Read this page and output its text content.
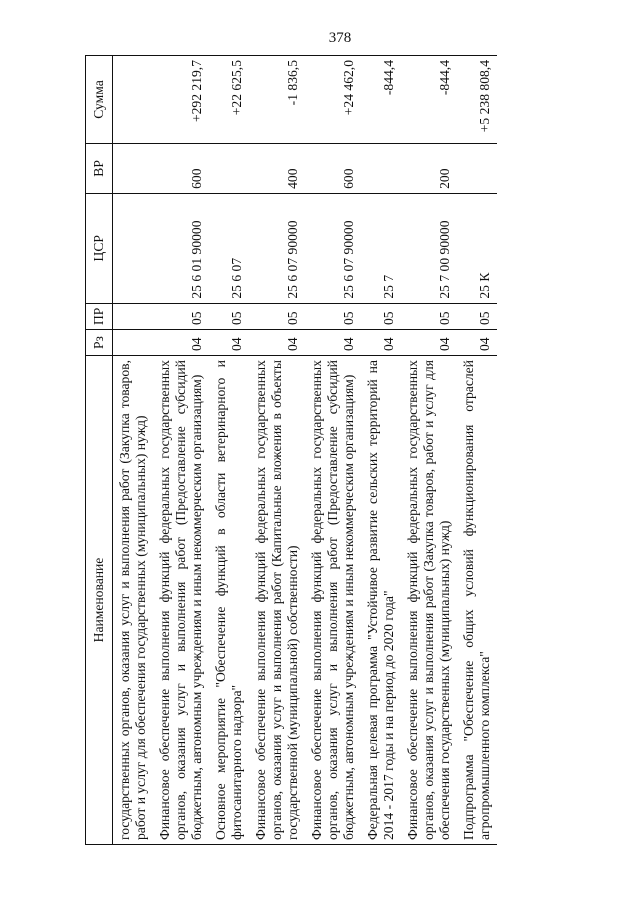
378
Наименование	Рз	ПР	ЦСР	ВР	Сумма
государственных органов, оказания услуг и выполнения работ (Закупка товаров, работ и услуг для обеспечения государственных (муниципальных) нужд)					
Финансовое обеспечение выполнения функций федеральных государственных органов, оказания услуг и выполнения работ (Предоставление субсидий бюджетным, автономным учреждениям и иным некоммерческим организациям)	04	05	25 6 01 90000	600	+292 219,7
Основное мероприятие "Обеспечение функций в области ветеринарного и фитосанитарного надзора"	04	05	25 6 07		+22 625,5
Финансовое обеспечение выполнения функций федеральных государственных органов, оказания услуг и выполнения работ (Капитальные вложения в объекты государственной (муниципальной) собственности)	04	05	25 6 07 90000	400	-1 836,5
Финансовое обеспечение выполнения функций федеральных государственных органов, оказания услуг и выполнения работ (Предоставление субсидий бюджетным, автономным учреждениям и иным некоммерческим организациям)	04	05	25 6 07 90000	600	+24 462,0
Федеральная целевая программа "Устойчивое развитие сельских территорий на 2014 - 2017 годы и на период до 2020 года"	04	05	25 7		-844,4
Финансовое обеспечение выполнения функций федеральных государственных органов, оказания услуг и выполнения работ (Закупка товаров, работ и услуг для обеспечения государственных (муниципальных) нужд)	04	05	25 7 00 90000	200	-844,4
Подпрограмма "Обеспечение общих условий функционирования отраслей агропромышленного комплекса"	04	05	25 К		+5 238 808,4
